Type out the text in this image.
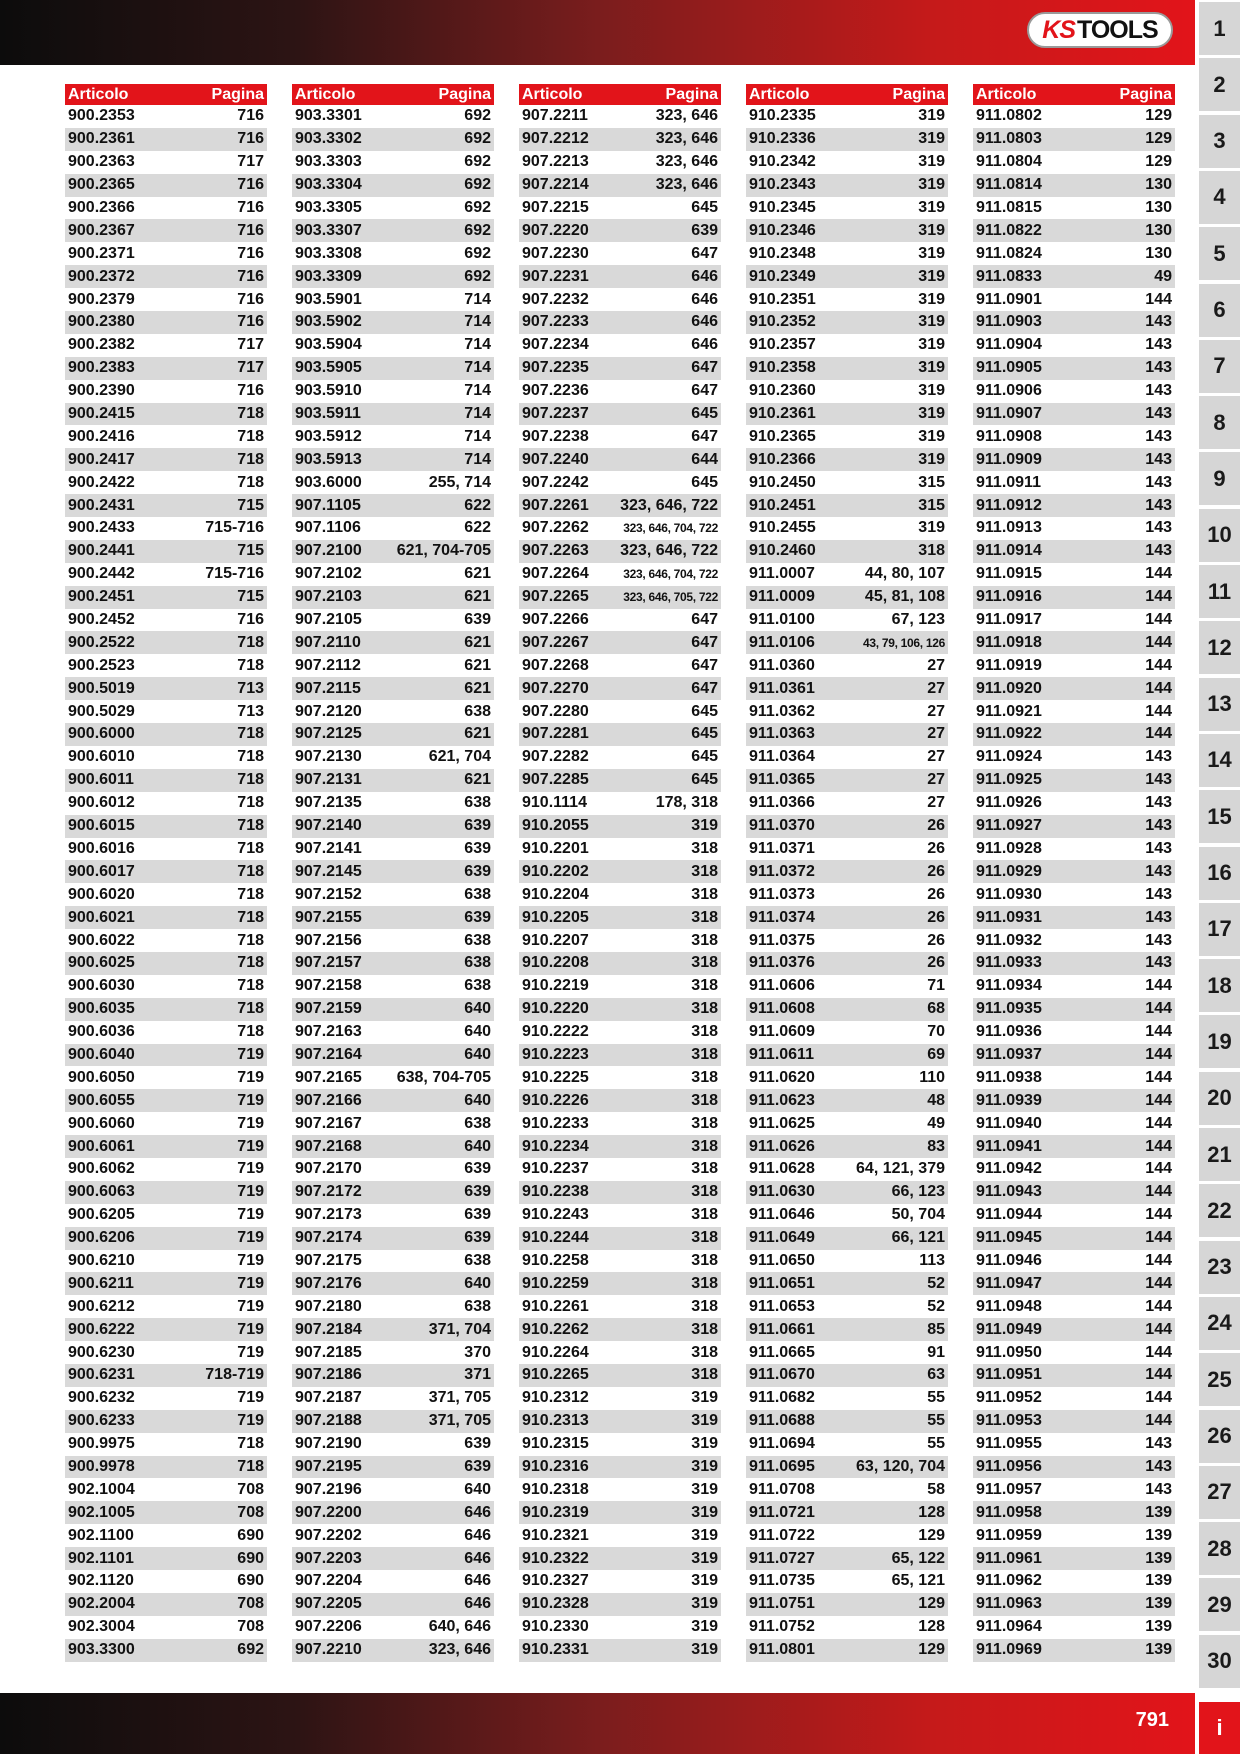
KS TOOLS
Articolo	Pagina
900.2353	716
900.2361	716
900.2363	717
900.2365	716
900.2366	716
900.2367	716
900.2371	716
900.2372	716
900.2379	716
900.2380	716
900.2382	717
900.2383	717
900.2390	716
900.2415	718
900.2416	718
900.2417	718
900.2422	718
900.2431	715
900.2433	715-716
900.2441	715
900.2442	715-716
900.2451	715
900.2452	716
900.2522	718
900.2523	718
900.5019	713
900.5029	713
900.6000	718
900.6010	718
900.6011	718
900.6012	718
900.6015	718
900.6016	718
900.6017	718
900.6020	718
900.6021	718
900.6022	718
900.6025	718
900.6030	718
900.6035	718
900.6036	718
900.6040	719
900.6050	719
900.6055	719
900.6060	719
900.6061	719
900.6062	719
900.6063	719
900.6205	719
900.6206	719
900.6210	719
900.6211	719
900.6212	719
900.6222	719
900.6230	719
900.6231	718-719
900.6232	719
900.6233	719
900.9975	718
900.9978	718
902.1004	708
902.1005	708
902.1100	690
902.1101	690
902.1120	690
902.2004	708
902.3004	708
903.3300	692
Articolo	Pagina
903.3301	692
903.3302	692
903.3303	692
903.3304	692
903.3305	692
903.3307	692
903.3308	692
903.3309	692
903.5901	714
903.5902	714
903.5904	714
903.5905	714
903.5910	714
903.5911	714
903.5912	714
903.5913	714
903.6000	255, 714
907.1105	622
907.1106	622
907.2100 621, 704-705
907.2102	621
907.2103	621
907.2105	639
907.2110	621
907.2112	621
907.2115	621
907.2120	638
907.2125	621
907.2130	621, 704
907.2131	621
907.2135	638
907.2140	639
907.2141	639
907.2145	639
907.2152	638
907.2155	639
907.2156	638
907.2157	638
907.2158	638
907.2159	640
907.2163	640
907.2164	640
907.2165 638, 704-705
907.2166	640
907.2167	638
907.2168	640
907.2170	639
907.2172	639
907.2173	639
907.2174	639
907.2175	638
907.2176	640
907.2180	638
907.2184	371, 704
907.2185	370
907.2186	371
907.2187	371, 705
907.2188	371, 705
907.2190	639
907.2195	639
907.2196	640
907.2200	646
907.2202	646
907.2203	646
907.2204	646
907.2205	646
907.2206	640, 646
907.2210	323, 646
Articolo	Pagina
907.2211	323, 646
907.2212	323, 646
907.2213	323, 646
907.2214	323, 646
907.2215	645
907.2220	639
907.2230	647
907.2231	646
907.2232	646
907.2233	646
907.2234	646
907.2235	647
907.2236	647
907.2237	645
907.2238	647
907.2240	644
907.2242	645
907.2261 323, 646, 722
907.2262	323, 646, 704, 722
907.2263 323, 646, 722
907.2264	323, 646, 704, 722
907.2265	323, 646, 705, 722
907.2266	647
907.2267	647
907.2268	647
907.2270	647
907.2280	645
907.2281	645
907.2282	645
907.2285	645
910.1114	178, 318
910.2055	319
910.2201	318
910.2202	318
910.2204	318
910.2205	318
910.2207	318
910.2208	318
910.2219	318
910.2220	318
910.2222	318
910.2223	318
910.2225	318
910.2226	318
910.2233	318
910.2234	318
910.2237	318
910.2238	318
910.2243	318
910.2244	318
910.2258	318
910.2259	318
910.2261	318
910.2262	318
910.2264	318
910.2265	318
910.2312	319
910.2313	319
910.2315	319
910.2316	319
910.2318	319
910.2319	319
910.2321	319
910.2322	319
910.2327	319
910.2328	319
910.2330	319
910.2331	319
Articolo	Pagina
910.2335	319
910.2336	319
910.2342	319
910.2343	319
910.2345	319
910.2346	319
910.2348	319
910.2349	319
910.2351	319
910.2352	319
910.2357	319
910.2358	319
910.2360	319
910.2361	319
910.2365	319
910.2366	319
910.2450	315
910.2451	315
910.2455	319
910.2460	318
911.0007	44, 80, 107
911.0009	45, 81, 108
911.0100	67, 123
911.0106	43, 79, 106, 126
911.0360	27
911.0361	27
911.0362	27
911.0363	27
911.0364	27
911.0365	27
911.0366	27
911.0370	26
911.0371	26
911.0372	26
911.0373	26
911.0374	26
911.0375	26
911.0376	26
911.0606	71
911.0608	68
911.0609	70
911.0611	69
911.0620	110
911.0623	48
911.0625	49
911.0626	83
911.0628	64, 121, 379
911.0630	66, 123
911.0646	50, 704
911.0649	66, 121
911.0650	113
911.0651	52
911.0653	52
911.0661	85
911.0665	91
911.0670	63
911.0682	55
911.0688	55
911.0694	55
911.0695	63, 120, 704
911.0708	58
911.0721	128
911.0722	129
911.0727	65, 122
911.0735	65, 121
911.0751	129
911.0752	128
911.0801	129
Articolo	Pagina
911.0802	129
911.0803	129
911.0804	129
911.0814	130
911.0815	130
911.0822	130
911.0824	130
911.0833	49
911.0901	144
911.0903	143
911.0904	143
911.0905	143
911.0906	143
911.0907	143
911.0908	143
911.0909	143
911.0911	143
911.0912	143
911.0913	143
911.0914	143
911.0915	144
911.0916	144
911.0917	144
911.0918	144
911.0919	144
911.0920	144
911.0921	144
911.0922	144
911.0924	143
911.0925	143
911.0926	143
911.0927	143
911.0928	143
911.0929	143
911.0930	143
911.0931	143
911.0932	143
911.0933	143
911.0934	144
911.0935	144
911.0936	144
911.0937	144
911.0938	144
911.0939	144
911.0940	144
911.0941	144
911.0942	144
911.0943	144
911.0944	144
911.0945	144
911.0946	144
911.0947	144
911.0948	144
911.0949	144
911.0950	144
911.0951	144
911.0952	144
911.0953	144
911.0955	143
911.0956	143
911.0957	143
911.0958	139
911.0959	139
911.0961	139
911.0962	139
911.0963	139
911.0964	139
911.0969	139
1
2
3
4
5
6
7
8
9
10
11
12
13
14
15
16
17
18
19
20
21
22
23
24
25
26
27
28
29
30
i
791
